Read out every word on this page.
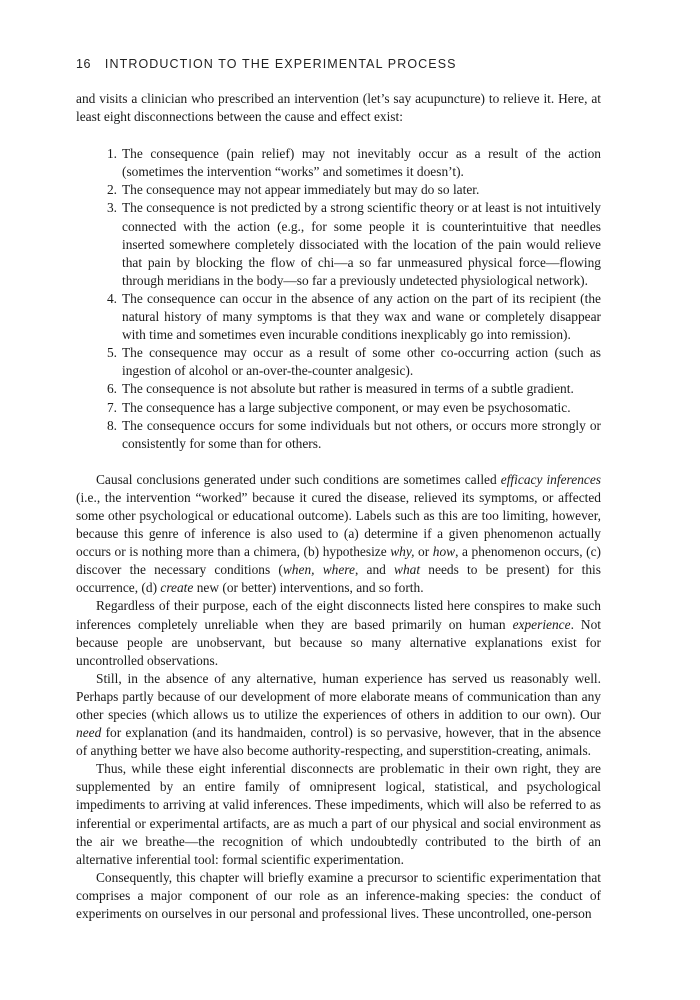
16 INTRODUCTION TO THE EXPERIMENTAL PROCESS

and visits a clinician who prescribed an intervention (let’s say acupuncture) to relieve it. Here, at least eight disconnections between the cause and effect exist:

1. The consequence (pain relief) may not inevitably occur as a result of the action (sometimes the intervention “works” and sometimes it doesn’t).
2. The consequence may not appear immediately but may do so later.
3. The consequence is not predicted by a strong scientific theory or at least is not intuitively connected with the action (e.g., for some people it is counterintuitive that needles inserted somewhere completely dissociated with the location of the pain would relieve that pain by blocking the flow of chi—a so far unmeasured physical force—flowing through meridians in the body—so far a previously undetected physiological network).
4. The consequence can occur in the absence of any action on the part of its recipient (the natural history of many symptoms is that they wax and wane or completely disappear with time and sometimes even incurable conditions inexplicably go into remission).
5. The consequence may occur as a result of some other co-occurring action (such as ingestion of alcohol or an-over-the-counter analgesic).
6. The consequence is not absolute but rather is measured in terms of a subtle gradient.
7. The consequence has a large subjective component, or may even be psychosomatic.
8. The consequence occurs for some individuals but not others, or occurs more strongly or consistently for some than for others.

Causal conclusions generated under such conditions are sometimes called efficacy inferences (i.e., the intervention “worked” because it cured the disease, relieved its symptoms, or affected some other psychological or educational outcome). Labels such as this are too limiting, however, because this genre of inference is also used to (a) determine if a given phenomenon actually occurs or is nothing more than a chimera, (b) hypothesize why, or how, a phenomenon occurs, (c) discover the necessary conditions (when, where, and what needs to be present) for this occurrence, (d) create new (or better) interventions, and so forth.

Regardless of their purpose, each of the eight disconnects listed here conspires to make such inferences completely unreliable when they are based primarily on human experience. Not because people are unobservant, but because so many alternative explanations exist for uncontrolled observations.

Still, in the absence of any alternative, human experience has served us reasonably well. Perhaps partly because of our development of more elaborate means of communication than any other species (which allows us to utilize the experiences of others in addition to our own). Our need for explanation (and its handmaiden, control) is so pervasive, however, that in the absence of anything better we have also become authority-respecting, and superstition-creating, animals.

Thus, while these eight inferential disconnects are problematic in their own right, they are supplemented by an entire family of omnipresent logical, statistical, and psychological impediments to arriving at valid inferences. These impediments, which will also be referred to as inferential or experimental artifacts, are as much a part of our physical and social environment as the air we breathe—the recognition of which undoubtedly contributed to the birth of an alternative inferential tool: formal scientific experimentation.

Consequently, this chapter will briefly examine a precursor to scientific experimentation that comprises a major component of our role as an inference-making species: the conduct of experiments on ourselves in our personal and professional lives. These uncontrolled, one-person
